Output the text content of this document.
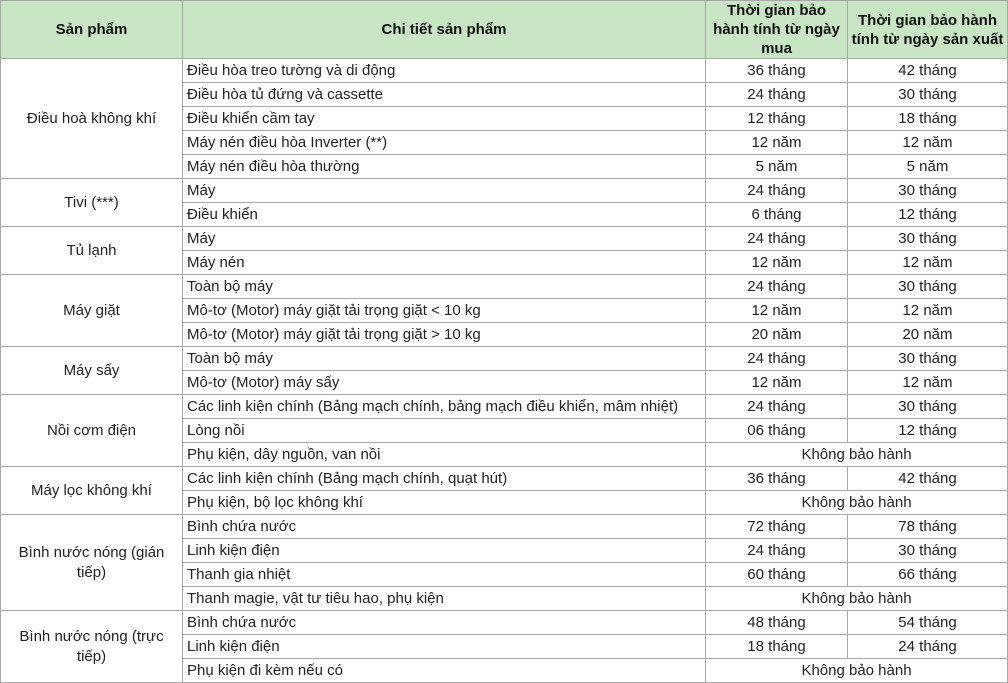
Sản phẩm	Chi tiết sản phẩm	Thời gian bảo hành tính từ ngày mua	Thời gian bảo hành tính từ ngày sản xuất
Điều hoà không khí	Điều hòa treo tường và di động	36 tháng	42 tháng
	Điều hòa tủ đứng và cassette	24 tháng	30 tháng
	Điều khiển cầm tay	12 tháng	18 tháng
	Máy nén điều hòa Inverter (**)	12 năm	12 năm
	Máy nén điều hòa thường	5 năm	5 năm
Tivi (***)	Máy	24 tháng	30 tháng
	Điều khiển	6 tháng	12 tháng
Tủ lạnh	Máy	24 tháng	30 tháng
	Máy nén	12 năm	12 năm
Máy giặt	Toàn bộ máy	24 tháng	30 tháng
	Mô-tơ (Motor) máy giặt tải trọng giặt < 10 kg	12 năm	12 năm
	Mô-tơ (Motor) máy giặt tải trọng giặt > 10 kg	20 năm	20 năm
Máy sấy	Toàn bộ máy	24 tháng	30 tháng
	Mô-tơ (Motor) máy sấy	12 năm	12 năm
Nồi cơm điện	Các linh kiện chính (Bảng mạch chính, bảng mạch điều khiển, mâm nhiệt)	24 tháng	30 tháng
	Lòng nồi	06 tháng	12 tháng
	Phụ kiện, dây nguồn, van nồi	Không bảo hành	
Máy lọc không khí	Các linh kiện chính (Bảng mạch chính, quạt hút)	36 tháng	42 tháng
	Phụ kiện, bộ lọc không khí	Không bảo hành	
Bình nước nóng (gián tiếp)	Bình chứa nước	72 tháng	78 tháng
	Linh kiện điện	24 tháng	30 tháng
	Thanh gia nhiệt	60 tháng	66 tháng
	Thanh magie, vật tư tiêu hao, phụ kiện	Không bảo hành	
Bình nước nóng (trực tiếp)	Bình chứa nước	48 tháng	54 tháng
	Linh kiện điện	18 tháng	24 tháng
	Phụ kiện đi kèm nếu có	Không bảo hành	
